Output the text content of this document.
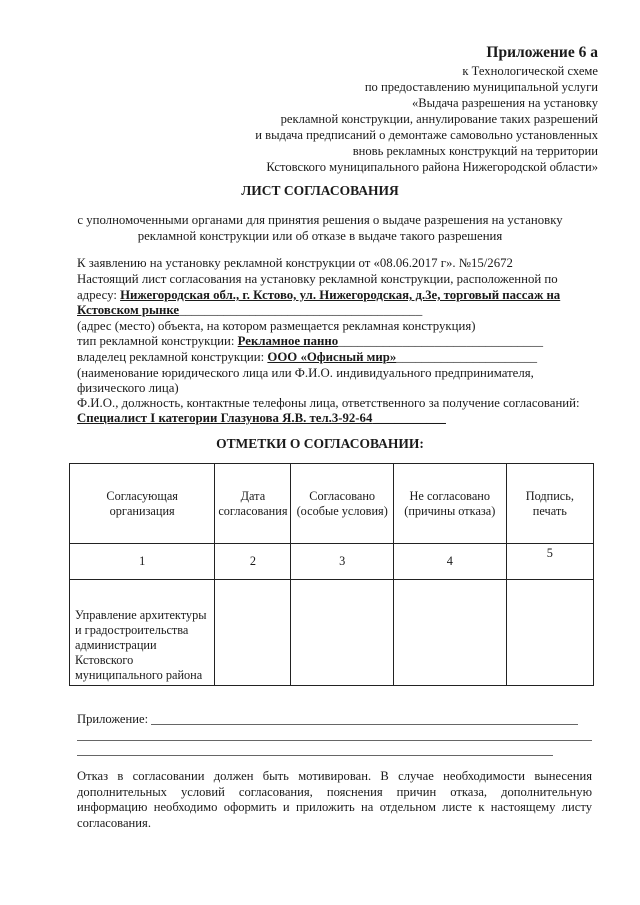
Приложение 6 а
к Технологической схеме
по предоставлению муниципальной услуги
«Выдача разрешения на установку
рекламной конструкции, аннулирование таких разрешений
и выдача предписаний о демонтаже самовольно установленных
вновь рекламных конструкций на территории
Кстовского муниципального района Нижегородской области»
ЛИСТ СОГЛАСОВАНИЯ
с уполномоченными органами для принятия решения о выдаче разрешения на установку
рекламной конструкции или об отказе в выдаче такого разрешения
К заявлению на установку рекламной конструкции от «08.06.2017 г». №15/2672
Настоящий лист согласования на установку рекламной конструкции, расположенной по
адресу: Нижегородская обл., г. Кстово, ул. Нижегородская, д.3е, торговый пассаж на
Кстовском рынке______________________________________
(адрес (место) объекта, на котором размещается рекламная конструкция)
тип рекламной конструкции: Рекламное панно________________________________
владелец рекламной конструкции: ООО «Офисный мир»______________________
(наименование юридического лица или Ф.И.О. индивидуального предпринимателя,
физического лица)
Ф.И.О., должность, контактные телефоны лица, ответственного за получение согласований:
Специалист I категории Глазунова Я.В. тел.3-92-64 ___________
ОТМЕТКИ О СОГЛАСОВАНИИ:
Согласующая организация	Дата согласования	Согласовано (особые условия)	Не согласовано (причины отказа)	Подпись, печать
1	2	3	4	5
Управление архитектуры и градостроительства администрации Кстовского муниципального района				
Приложение:
Отказ в согласовании должен быть мотивирован. В случае необходимости вынесения дополнительных условий согласования, пояснения причин отказа, дополнительную информацию необходимо оформить и приложить на отдельном листе к настоящему листу согласования.
